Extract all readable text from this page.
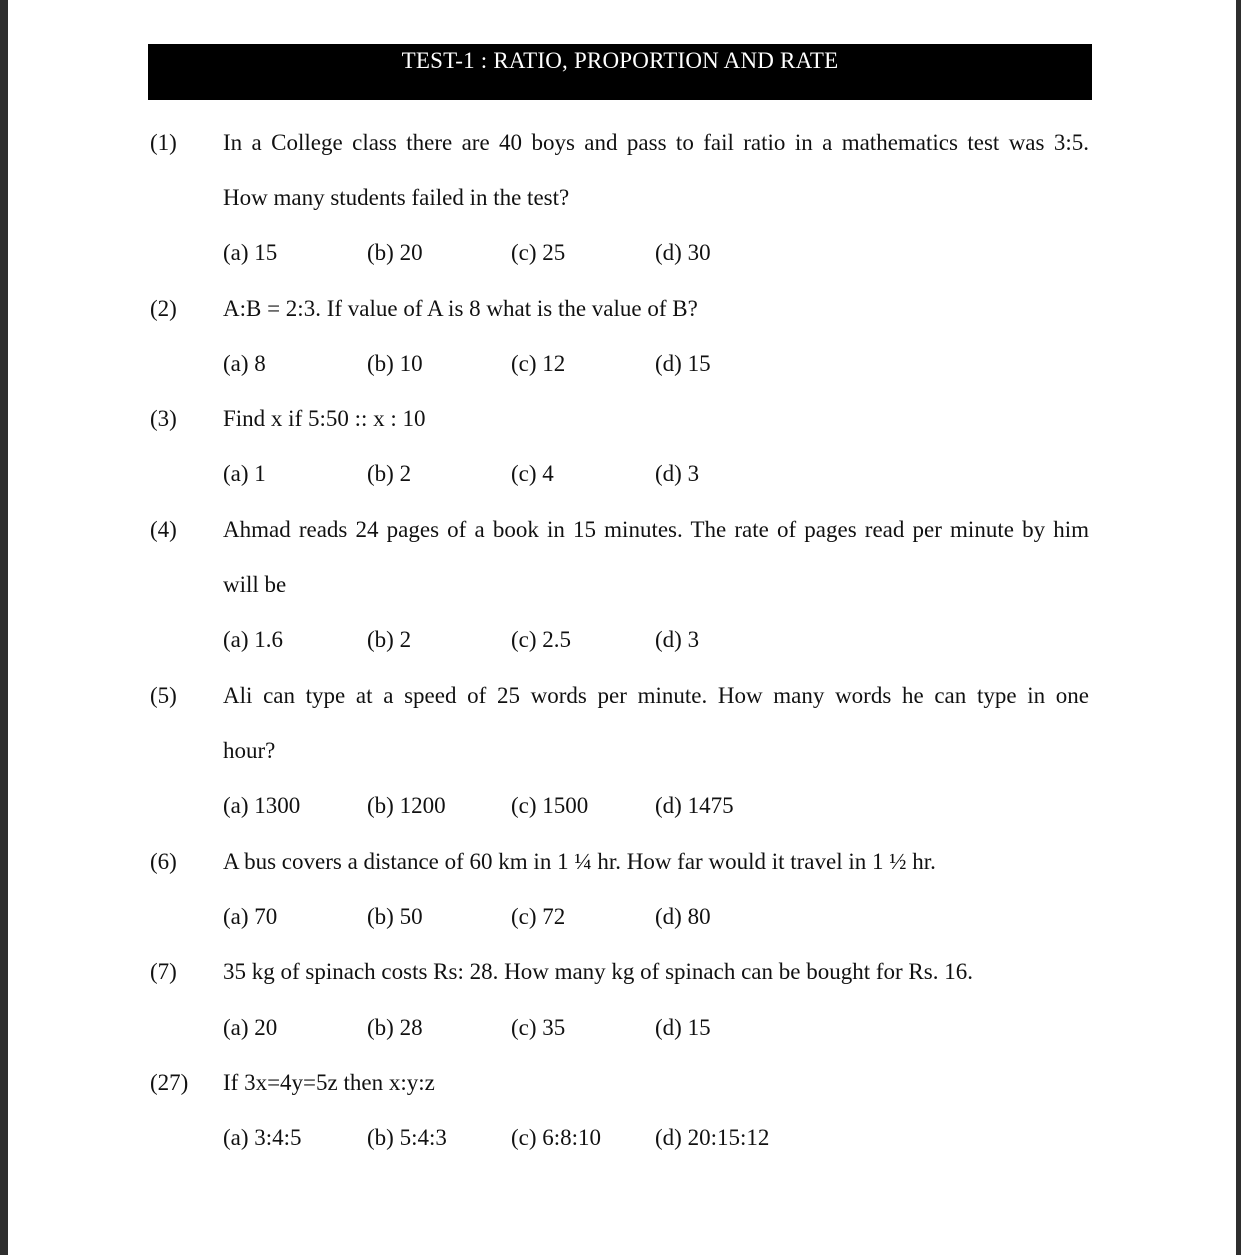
TEST-1 : RATIO, PROPORTION AND RATE
(1) In a College class there are 40 boys and pass to fail ratio in a mathematics test was 3:5.
How many students failed in the test?
(a) 15	(b) 20	(c) 25	(d) 30
(2) A:B = 2:3. If value of A is 8 what is the value of B?
(a) 8	(b) 10	(c) 12	(d) 15
(3) Find x if 5:50 :: x : 10
(a) 1	(b) 2	(c) 4	(d) 3
(4) Ahmad reads 24 pages of a book in 15 minutes. The rate of pages read per minute by him
will be
(a) 1.6	(b) 2	(c) 2.5	(d) 3
(5) Ali can type at a speed of 25 words per minute. How many words he can type in one
hour?
(a) 1300	(b) 1200	(c) 1500	(d) 1475
(6) A bus covers a distance of 60 km in 1 ¼ hr. How far would it travel in 1 ½ hr.
(a) 70	(b) 50	(c) 72	(d) 80
(7) 35 kg of spinach costs Rs: 28. How many kg of spinach can be bought for Rs. 16.
(a) 20	(b) 28	(c) 35	(d) 15
(27) If 3x=4y=5z then x:y:z
(a) 3:4:5	(b) 5:4:3	(c) 6:8:10 (d) 20:15:12
